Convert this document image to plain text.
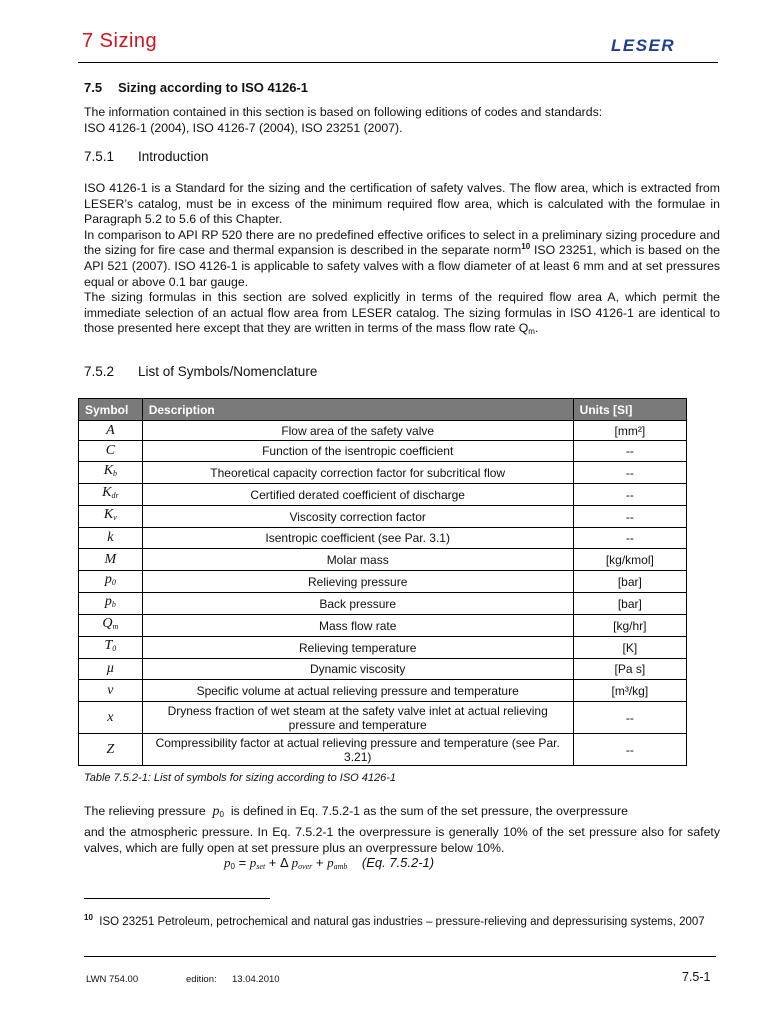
7 Sizing	LESER
7.5 Sizing according to ISO 4126-1
The information contained in this section is based on following editions of codes and standards:
ISO 4126-1 (2004), ISO 4126-7 (2004), ISO 23251 (2007).
7.5.1 Introduction
ISO 4126-1 is a Standard for the sizing and the certification of safety valves. The flow area, which is extracted from LESER’s catalog, must be in excess of the minimum required flow area, which is calculated with the formulae in Paragraph 5.2 to 5.6 of this Chapter.
In comparison to API RP 520 there are no predefined effective orifices to select in a preliminary sizing procedure and the sizing for fire case and thermal expansion is described in the separate norm$^{10}$ ISO 23251, which is based on the API 521 (2007). ISO 4126-1 is applicable to safety valves with a flow diameter of at least 6 mm and at set pressures equal or above 0.1 bar gauge.
The sizing formulas in this section are solved explicitly in terms of the required flow area A, which permit the immediate selection of an actual flow area from LESER catalog. The sizing formulas in ISO 4126-1 are identical to those presented here except that they are written in terms of the mass flow rate $Q_m$.
7.5.2 List of Symbols/Nomenclature
Symbol	Description	Units [SI]
A	Flow area of the safety valve	[mm²]
C	Function of the isentropic coefficient	--
$K_b$	Theoretical capacity correction factor for subcritical flow	--
$K_{dr}$	Certified derated coefficient of discharge	--
$K_v$	Viscosity correction factor	--
k	Isentropic coefficient (see Par. 3.1)	--
M	Molar mass	[kg/kmol]
$p_0$	Relieving pressure	[bar]
$p_b$	Back pressure	[bar]
$Q_m$	Mass flow rate	[kg/hr]
$T_0$	Relieving temperature	[K]
µ	Dynamic viscosity	[Pa s]
v	Specific volume at actual relieving pressure and temperature	[m³/kg]
x	Dryness fraction of wet steam at the safety valve inlet at actual relieving pressure and temperature	--
Z	Compressibility factor at actual relieving pressure and temperature (see Par. 3.21)	--
Table 7.5.2-1: List of symbols for sizing according to ISO 4126-1
The relieving pressure $p_0$ is defined in Eq. 7.5.2-1 as the sum of the set pressure, the overpressure
and the atmospheric pressure. In Eq. 7.5.2-1 the overpressure is generally 10% of the set pressure also for safety valves, which are fully open at set pressure plus an overpressure below 10%.
$p_0 = p_{set} + \Delta$ $p_{over} + p_{amb}$ (Eq. 7.5.2-1)
$^{10}$ ISO 23251 Petroleum, petrochemical and natural gas industries – pressure-relieving and depressurising systems, 2007
LWN 754.00	edition: 13.04.2010	7.5-1
